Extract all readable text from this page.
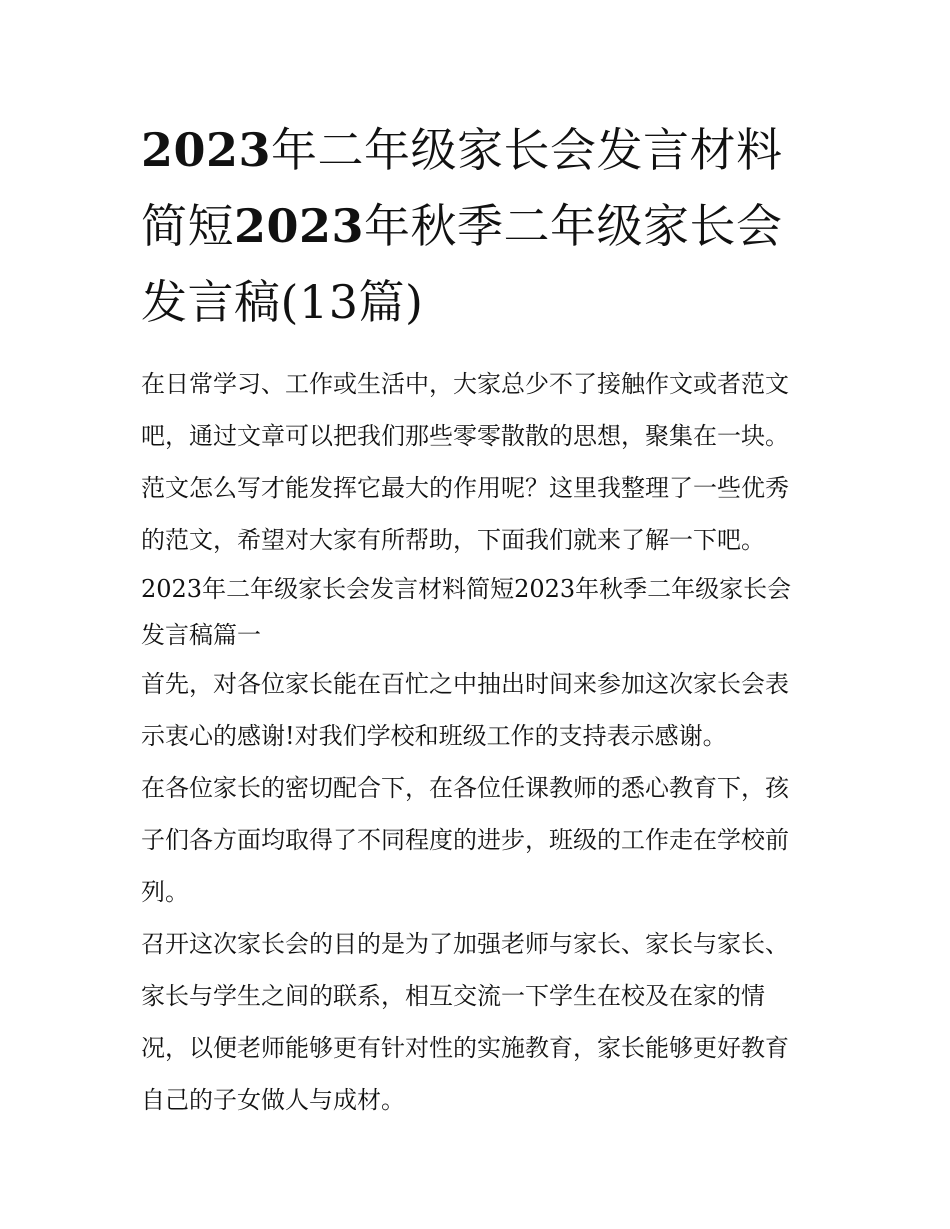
2023年二年级家长会发言材料简短2023年秋季二年级家长会发言稿(13篇)

在日常学习、工作或生活中，大家总少不了接触作文或者范文吧，通过文章可以把我们那些零零散散的思想，聚集在一块。范文怎么写才能发挥它最大的作用呢？这里我整理了一些优秀的范文，希望对大家有所帮助，下面我们就来了解一下吧。

2023年二年级家长会发言材料简短2023年秋季二年级家长会发言稿篇一

首先，对各位家长能在百忙之中抽出时间来参加这次家长会表示衷心的感谢!对我们学校和班级工作的支持表示感谢。

在各位家长的密切配合下，在各位任课教师的悉心教育下，孩子们各方面均取得了不同程度的进步，班级的工作走在学校前列。

召开这次家长会的目的是为了加强老师与家长、家长与家长、家长与学生之间的联系，相互交流一下学生在校及在家的情况，以便老师能够更有针对性的实施教育，家长能够更好教育自己的子女做人与成材。
